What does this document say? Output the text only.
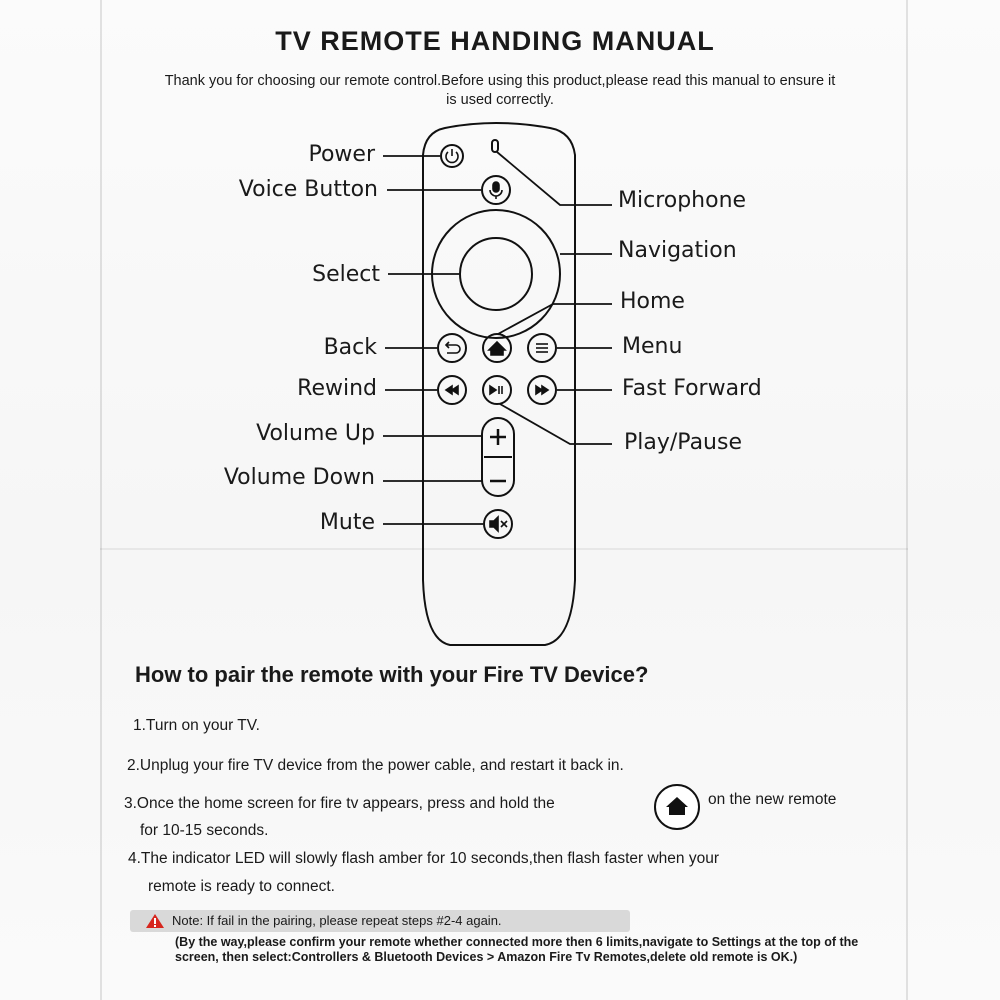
TV REMOTE HANDING MANUAL
Thank you for choosing our remote control.Before using this product,please read this manual to ensure it is used correctly.
Power
Voice Button
Select
Back
Rewind
Volume Up
Volume Down
Mute
Microphone
Navigation
Home
Menu
Fast Forward
Play/Pause
How to pair the remote with your Fire TV Device?
1.Turn on your TV.
2.Unplug your fire TV device from the power cable, and restart it back in.
3.Once the home screen for fire tv appears, press and hold the	on the new remote
for 10-15 seconds.
4.The indicator LED will slowly flash amber for 10 seconds,then flash faster when your
remote is ready to connect.
Note: If fail in the pairing, please repeat steps #2-4 again.
(By the way,please confirm your remote whether connected more then 6 limits,navigate to Settings at the top of the screen, then select:Controllers & Bluetooth Devices > Amazon Fire Tv Remotes,delete old remote is OK.)
